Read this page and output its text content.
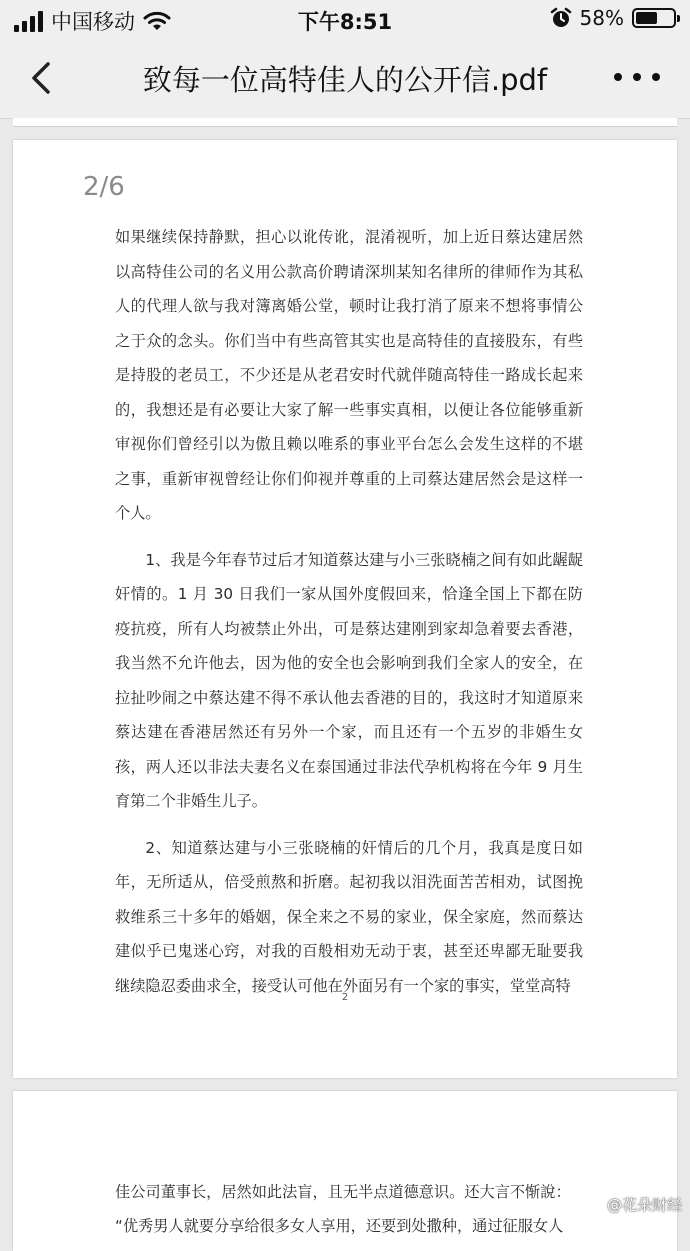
中国移动	下午8:51	58%
致每一位高特佳人的公开信.pdf
2/6

如果继续保持静默，担心以讹传讹，混淆视听，加上近日蔡达建居然以高特佳公司的名义用公款高价聘请深圳某知名律所的律师作为其私人的代理人欲与我对簿离婚公堂，顿时让我打消了原来不想将事情公之于众的念头。你们当中有些高管其实也是高特佳的直接股东，有些是持股的老员工，不少还是从老君安时代就伴随高特佳一路成长起来的，我想还是有必要让大家了解一些事实真相，以便让各位能够重新审视你们曾经引以为傲且赖以唯系的事业平台怎么会发生这样的不堪之事，重新审视曾经让你们仰视并尊重的上司蔡达建居然会是这样一个人。

1、我是今年春节过后才知道蔡达建与小三张晓楠之间有如此龌龊奸情的。1 月 30 日我们一家从国外度假回来，恰逢全国上下都在防疫抗疫，所有人均被禁止外出，可是蔡达建刚到家却急着要去香港，我当然不允许他去，因为他的安全也会影响到我们全家人的安全，在拉扯吵闹之中蔡达建不得不承认他去香港的目的，我这时才知道原来蔡达建在香港居然还有另外一个家，而且还有一个五岁的非婚生女孩，两人还以非法夫妻名义在泰国通过非法代孕机构将在今年 9 月生育第二个非婚生儿子。

2、知道蔡达建与小三张晓楠的奸情后的几个月，我真是度日如年，无所适从，倍受煎熬和折磨。起初我以泪洗面苦苦相劝，试图挽救维系三十多年的婚姻，保全来之不易的家业，保全家庭，然而蔡达建似乎已鬼迷心窍，对我的百般相劝无动于衷，甚至还卑鄙无耻要我继续隐忍委曲求全，接受认可他在外面另有一个家的事实，堂堂高特

2

佳公司董事长，居然如此法盲，且无半点道德意识。还大言不惭說：

“优秀男人就要分享给很多女人享用，还要到处撒种，通过征服女人

@花朵财经
